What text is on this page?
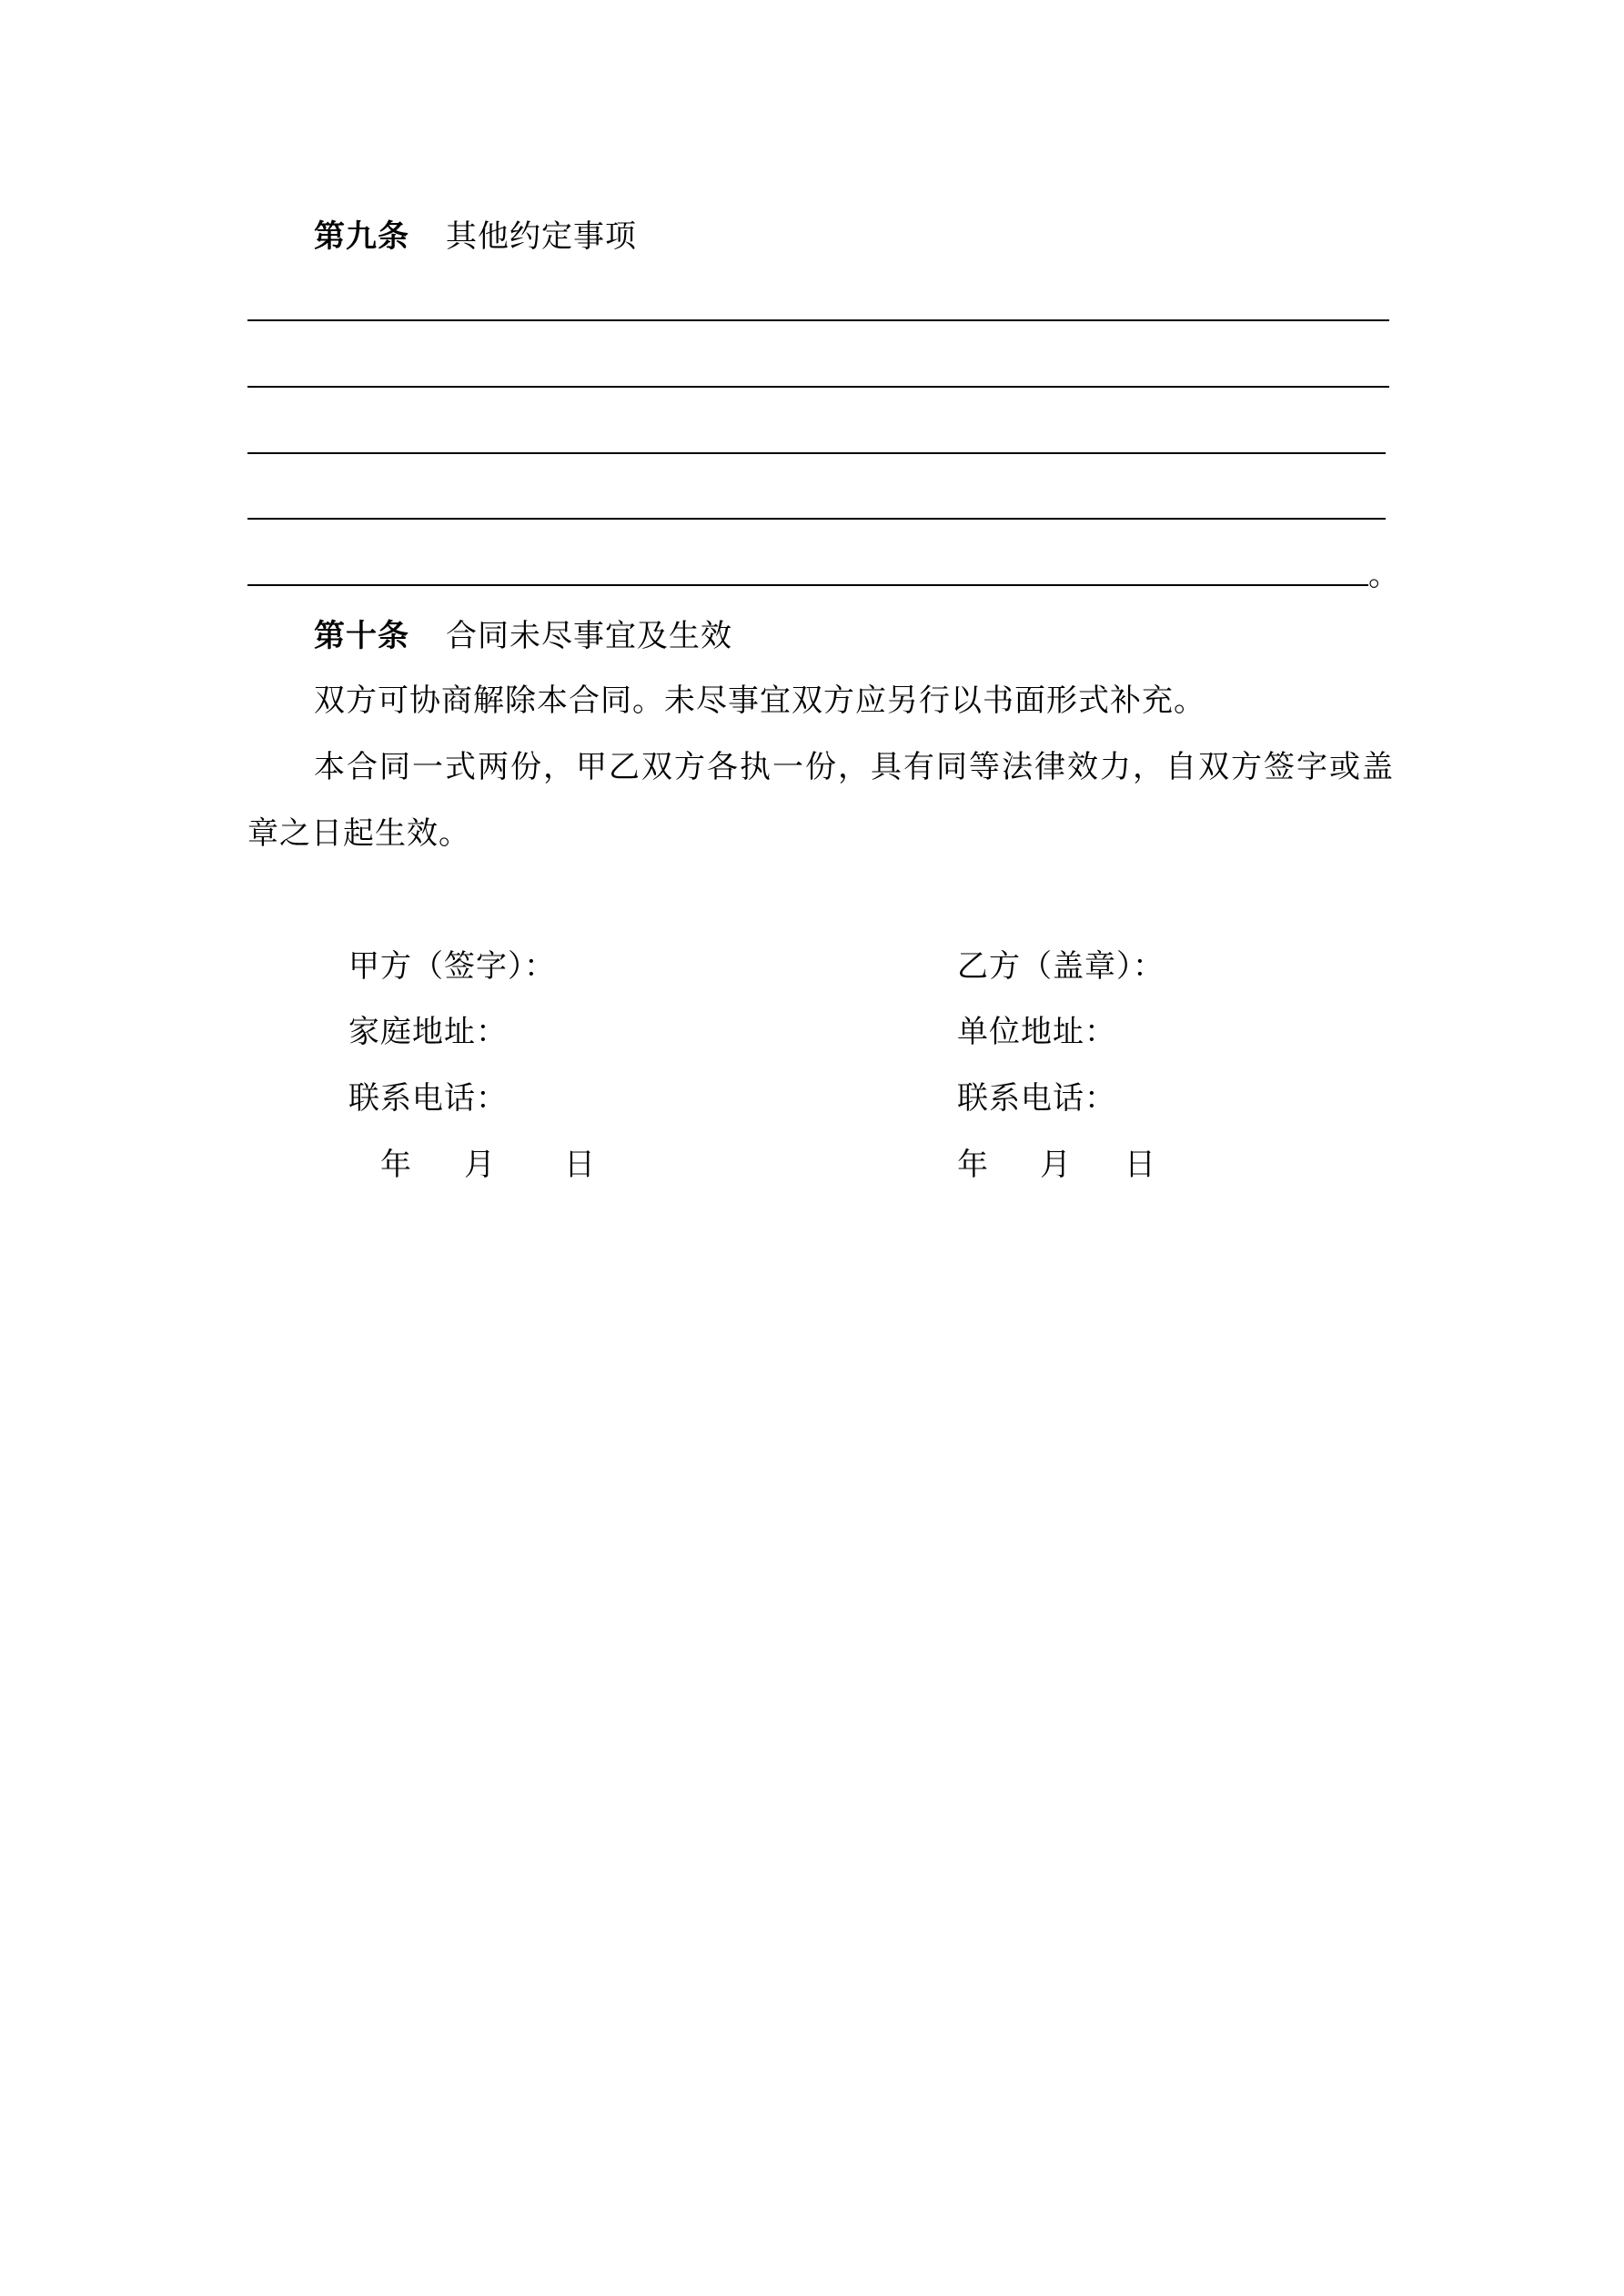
第九条 其他约定事项
。
第十条 合同未尽事宜及生效
双方可协商解除本合同。未尽事宜双方应另行以书面形式补充。
本合同一式两份，甲乙双方各执一份，具有同等法律效力，自双方签字或盖
章之日起生效。
甲方（签字）：
家庭地址：
联系电话：
年 月 日
乙方（盖章）：
单位地址：
联系电话：
年 月 日
